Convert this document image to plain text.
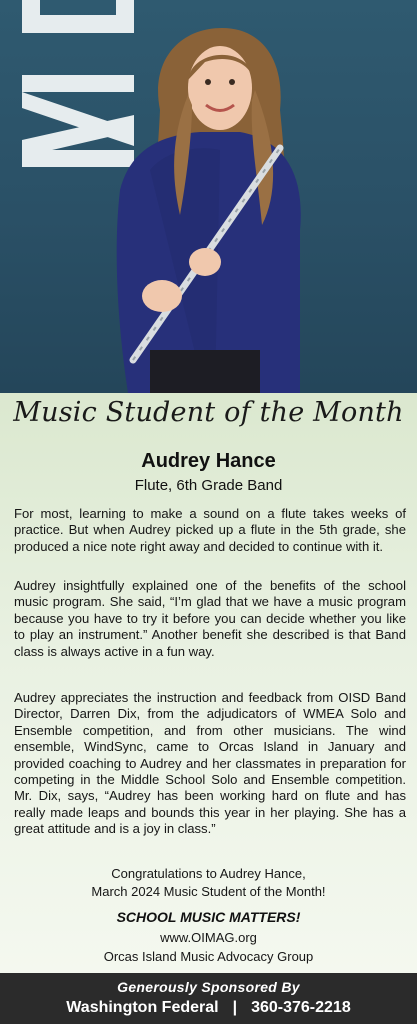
Music Student of the Month
Audrey Hance
Flute, 6th Grade Band

For most, learning to make a sound on a flute takes weeks of practice. But when Audrey picked up a flute in the 5th grade, she produced a nice note right away and decided to continue with it.

Audrey insightfully explained one of the benefits of the school music program. She said, “I’m glad that we have a music program because you have to try it before you can decide whether you like to play an instrument.” Another benefit she described is that Band class is always active in a fun way.

Audrey appreciates the instruction and feedback from OISD Band Director, Darren Dix, from the adjudicators of WMEA Solo and Ensemble competition, and from other musicians. The wind ensemble, WindSync, came to Orcas Island in January and provided coaching to Audrey and her classmates in preparation for competing in the Middle School Solo and Ensemble competition. Mr. Dix, says, “Audrey has been working hard on flute and has really made leaps and bounds this year in her playing. She has a great attitude and is a joy in class.”

Congratulations to Audrey Hance,
March 2024 Music Student of the Month!
SCHOOL MUSIC MATTERS!
www.OIMAG.org
Orcas Island Music Advocacy Group
Generously Sponsored By
Washington Federal | 360-376-2218
